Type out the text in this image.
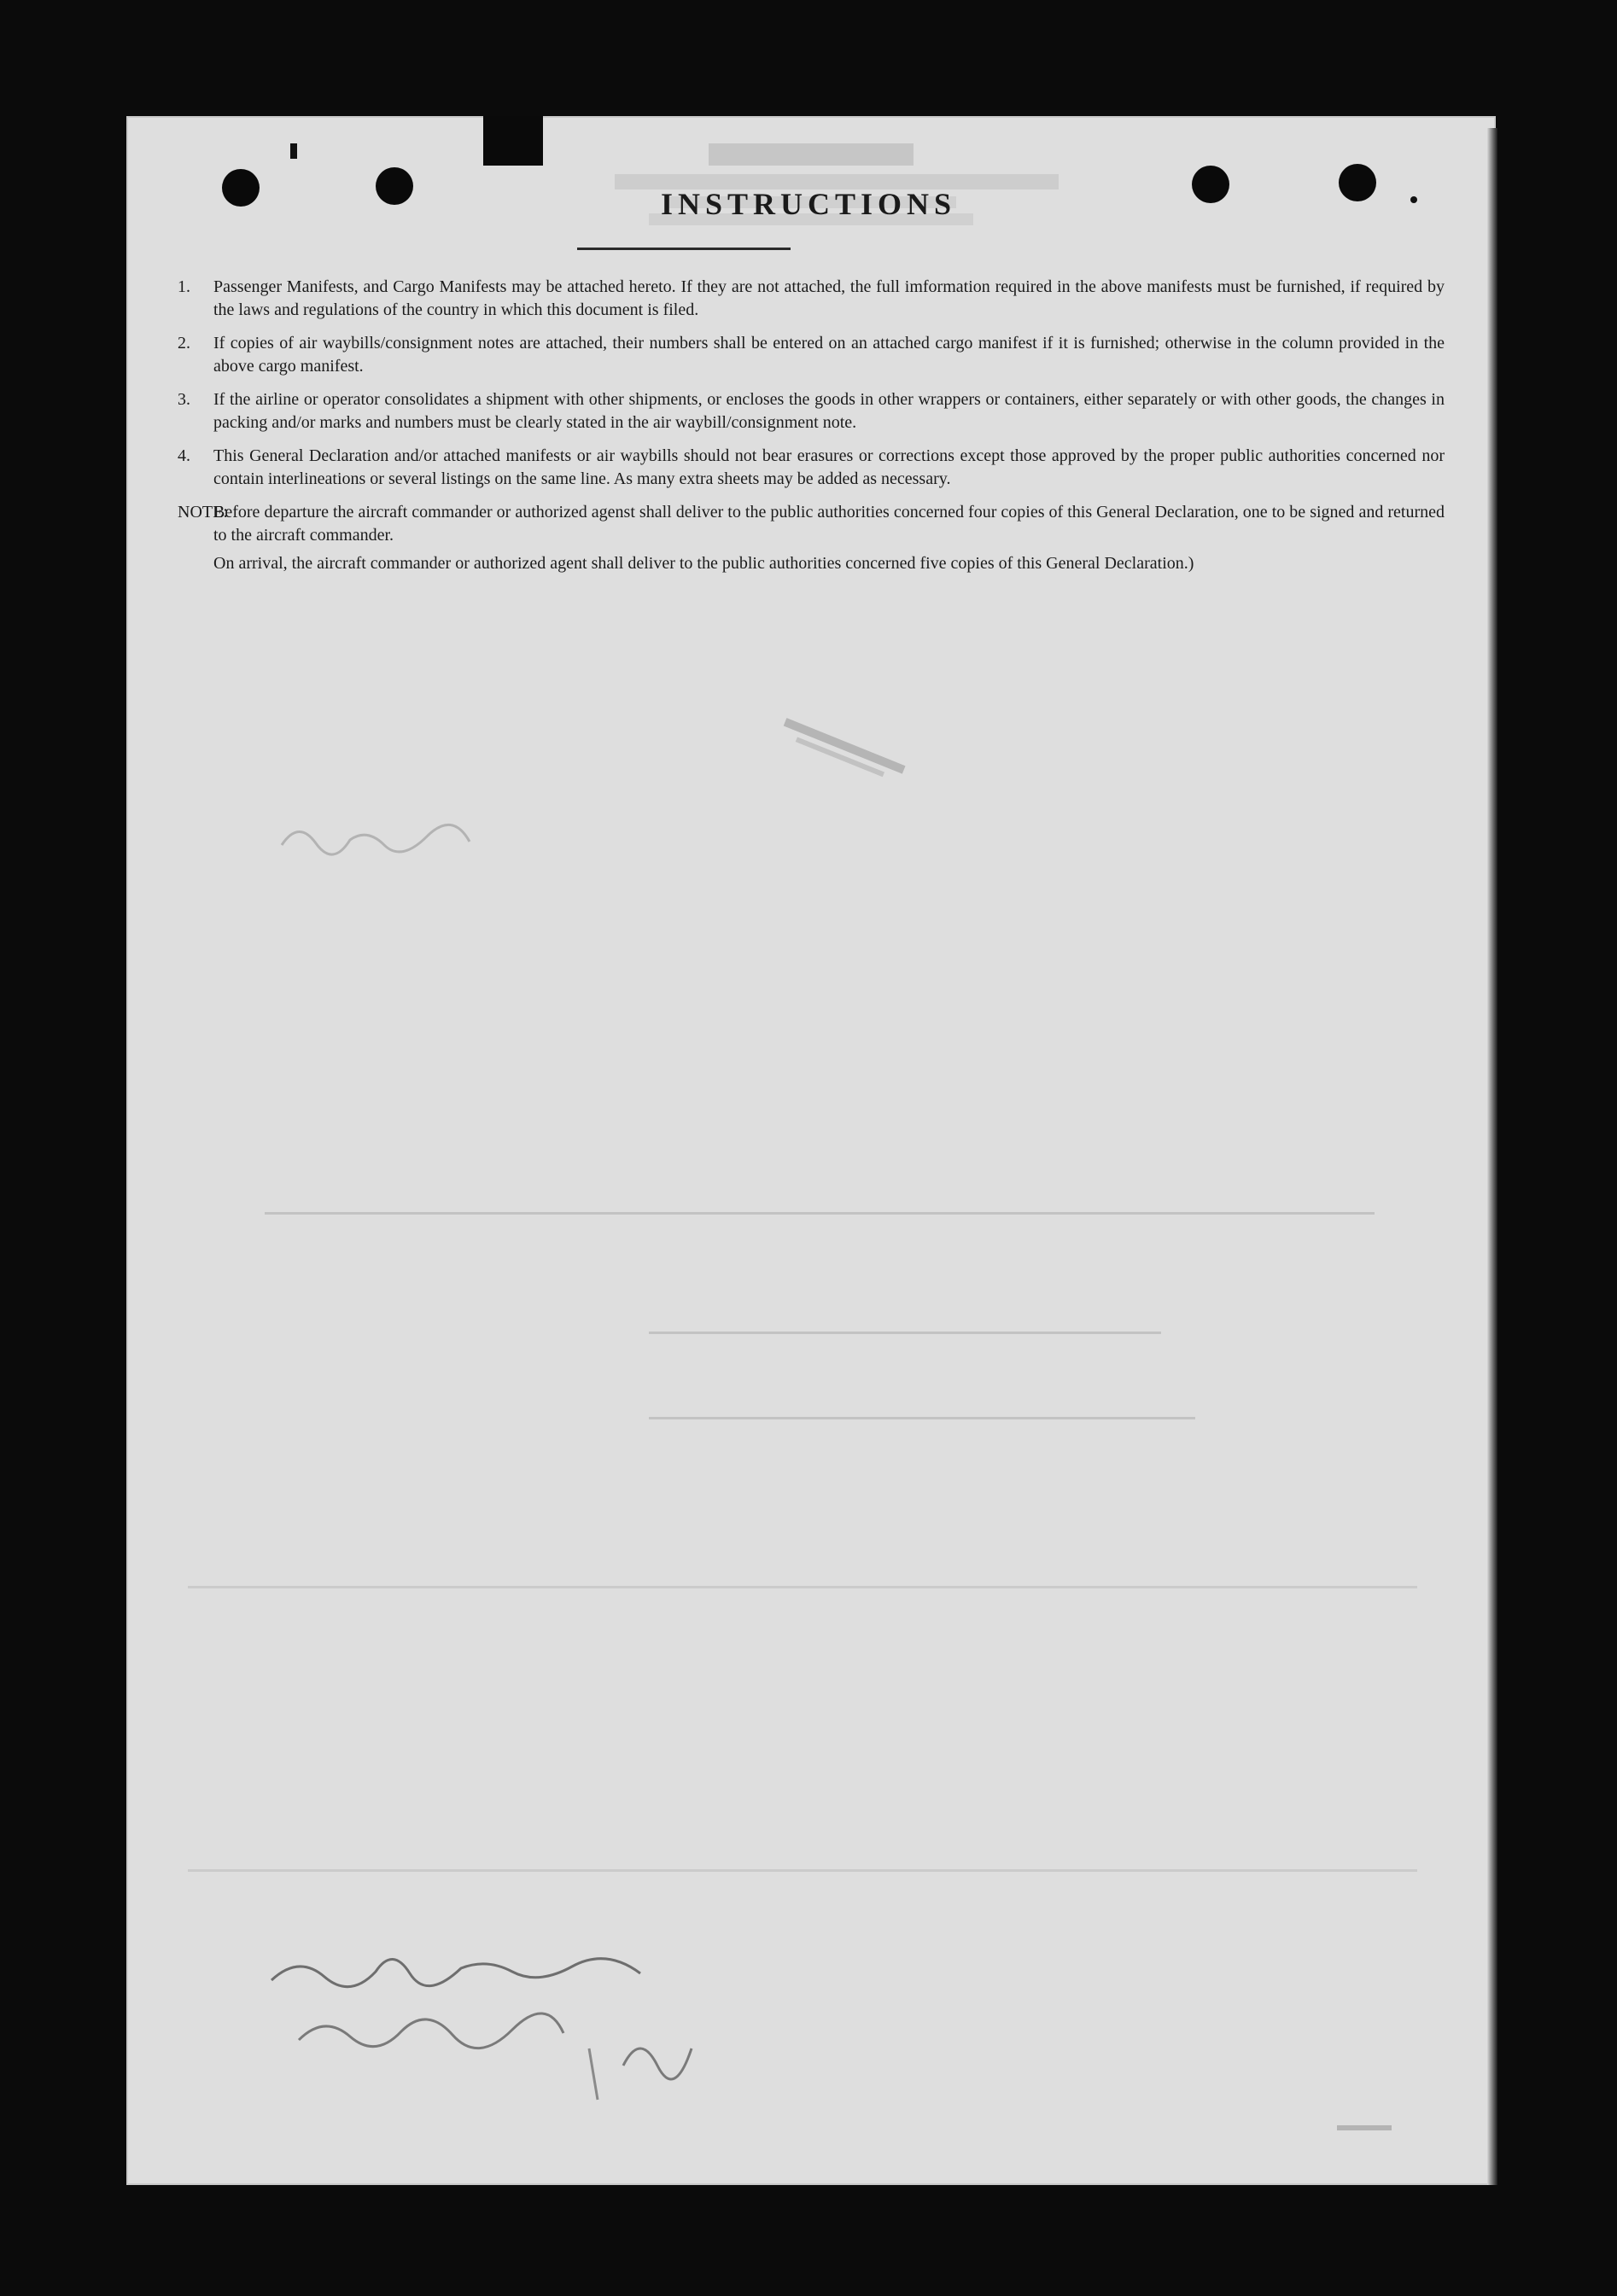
INSTRUCTIONS
1.	Passenger Manifests, and Cargo Manifests may be attached hereto. If they are not attached, the full imformation required in the above manifests must be furnished, if required by the laws and regulations of the country in which this document is filed.
2.	If copies of air waybills/consignment notes are attached, their numbers shall be entered on an attached cargo manifest if it is furnished; otherwise in the column provided in the above cargo manifest.
3.	If the airline or operator consolidates a shipment with other shipments, or encloses the goods in other wrappers or containers, either separately or with other goods, the changes in packing and/or marks and numbers must be clearly stated in the air waybill/consignment note.
4.	This General Declaration and/or attached manifests or air waybills should not bear erasures or corrections except those approved by the proper public authorities concerned nor contain interlineations or several listings on the same line. As many extra sheets may be added as necessary.
NOTE:

Before departure the aircraft commander or authorized agenst shall deliver to the public authorities concerned four copies of this General Declaration, one to be signed and returned to the aircraft commander.

On arrival, the aircraft commander or authorized agent shall deliver to the public authorities concerned five copies of this General Declaration.)
